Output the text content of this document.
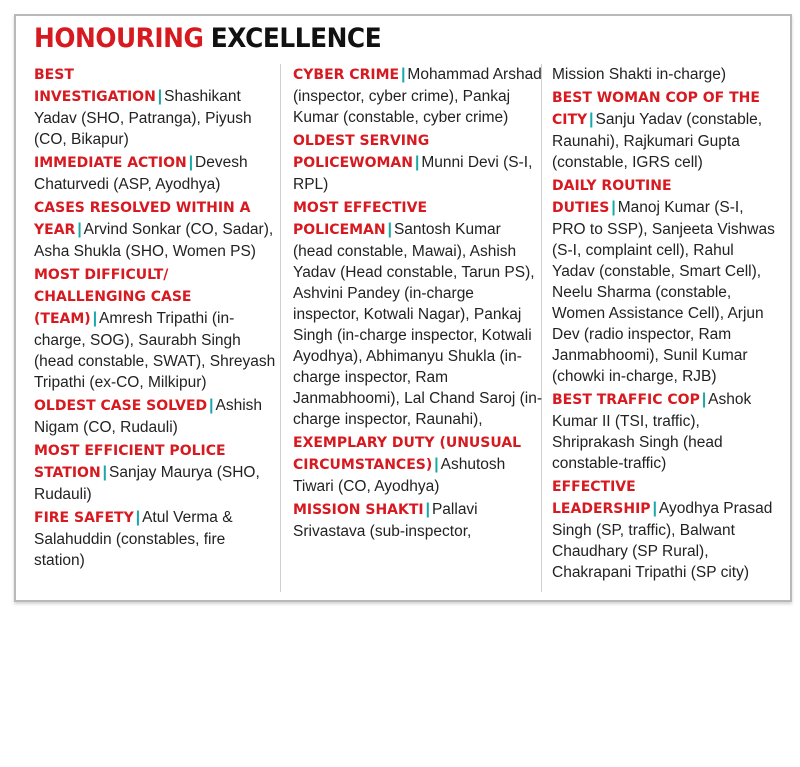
HONOURING EXCELLENCE
BEST INVESTIGATION | Shashikant Yadav (SHO, Patranga), Piyush (CO, Bikapur)
IMMEDIATE ACTION | Devesh Chaturvedi (ASP, Ayodhya)
CASES RESOLVED WITHIN A YEAR | Arvind Sonkar (CO, Sadar), Asha Shukla (SHO, Women PS)
MOST DIFFICULT/ CHALLENGING CASE (TEAM) | Amresh Tripathi (in-charge, SOG), Saurabh Singh (head constable, SWAT), Shreyash Tripathi (ex-CO, Milkipur)
OLDEST CASE SOLVED | Ashish Nigam (CO, Rudauli)
MOST EFFICIENT POLICE STATION | Sanjay Maurya (SHO, Rudauli)
FIRE SAFETY | Atul Verma & Salahuddin (constables, fire station)
CYBER CRIME | Mohammad Arshad (inspector, cyber crime), Pankaj Kumar (constable, cyber crime)
OLDEST SERVING POLICEWOMAN | Munni Devi (S-I, RPL)
MOST EFFECTIVE POLICEMAN | Santosh Kumar (head constable, Mawai), Ashish Yadav (Head constable, Tarun PS), Ashvini Pandey (in-charge inspector, Kotwali Nagar), Pankaj Singh (in-charge inspector, Kotwali Ayodhya), Abhimanyu Shukla (in-charge inspector, Ram Janmabhoomi), Lal Chand Saroj (in-charge inspector, Raunahi),
EXEMPLARY DUTY (UNUSUAL CIRCUMSTANCES) | Ashutosh Tiwari (CO, Ayodhya)
MISSION SHAKTI | Pallavi Srivastava (sub-inspector,
Mission Shakti in-charge)
BEST WOMAN COP OF THE CITY | Sanju Yadav (constable, Raunahi), Rajkumari Gupta (constable, IGRS cell)
DAILY ROUTINE DUTIES | Manoj Kumar (S-I, PRO to SSP), Sanjeeta Vishwas (S-I, complaint cell), Rahul Yadav (constable, Smart Cell), Neelu Sharma (constable, Women Assistance Cell), Arjun Dev (radio inspector, Ram Janmabhoomi), Sunil Kumar (chowki in-charge, RJB)
BEST TRAFFIC COP | Ashok Kumar II (TSI, traffic), Shriprakash Singh (head constable-traffic)
EFFECTIVE LEADERSHIP | Ayodhya Prasad Singh (SP, traffic), Balwant Chaudhary (SP Rural), Chakrapani Tripathi (SP city)
